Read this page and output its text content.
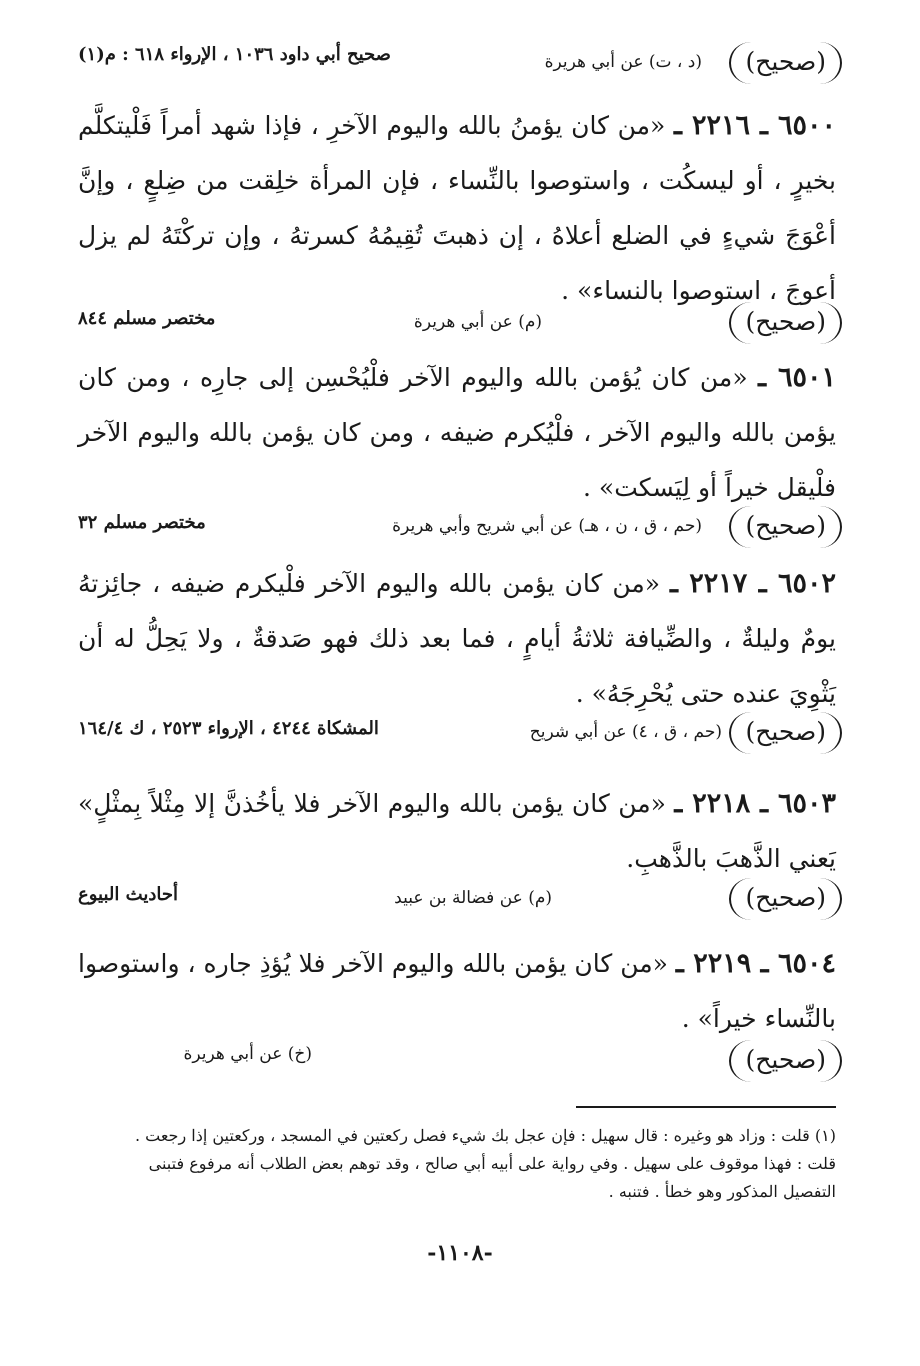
(صحيح)
(د ، ت) عن أبي هريرة
صحيح أبي داود ١٠٣٦ ، الإرواء ٦١٨ : م(١)
٦٥٠٠ ـ ٢٢١٦ ـ «من كان يؤمنُ بالله واليوم الآخرِ ، فإذا شهد أمراً فَلْيتكلَّم بخيرٍ ، أو ليسكُت ، واستوصوا بالنِّساء ، فإن المرأة خلِقت من ضِلعٍ ، وإنَّ أعْوَجَ شيءٍ في الضلع أعلاهُ ، إن ذهبتَ تُقِيمُهُ كسرتهُ ، وإن تركْتَهُ لم يزل أعوجَ ، استوصوا بالنساء» .
(صحيح)
(م) عن أبي هريرة
مختصر مسلم ٨٤٤
٦٥٠١ ـ «من كان يُؤمن بالله واليوم الآخر فلْيُحْسِن إلى جارِه ، ومن كان يؤمن بالله واليوم الآخر ، فلْيُكرم ضيفه ، ومن كان يؤمن بالله واليوم الآخر فلْيقل خيراً أو لِيَسكت» .
(صحيح)
(حم ، ق ، ن ، هـ) عن أبي شريح وأبي هريرة
مختصر مسلم ٣٢
٦٥٠٢ ـ ٢٢١٧ ـ «من كان يؤمن بالله واليوم الآخر فلْيكرم ضيفه ، جائِزتهُ يومٌ وليلةٌ ، والضِّيافة ثلاثةُ أيامٍ ، فما بعد ذلك فهو صَدقةٌ ، ولا يَحِلُّ له أن يَثْوِيَ عنده حتى يُحْرِجَهُ» .
(صحيح)
(حم ، ق ، ٤) عن أبي شريح
المشكاة ٤٢٤٤ ، الإرواء ٢٥٢٣ ، ك ١٦٤/٤
٦٥٠٣ ـ ٢٢١٨ ـ «من كان يؤمن بالله واليوم الآخر فلا يأخُذنَّ إلا مِثْلاً بِمثْلٍ» يَعني الذَّهبَ بالذَّهبِ.
(صحيح)
(م) عن فضالة بن عبيد
أحاديث البيوع
٦٥٠٤ ـ ٢٢١٩ ـ «من كان يؤمن بالله واليوم الآخر فلا يُؤذِ جاره ، واستوصوا بالنِّساء خيراً» .
(صحيح)
(خ) عن أبي هريرة
(١) قلت : وزاد هو وغيره : قال سهيل : فإن عجل بك شيء فصل ركعتين في المسجد ، وركعتين إذا رجعت .
قلت : فهذا موقوف على سهيل . وفي رواية على أبيه أبي صالح ، وقد توهم بعض الطلاب أنه مرفوع فتبنى
التفصيل المذكور وهو خطأ . فتنبه .
-١١٠٨-
